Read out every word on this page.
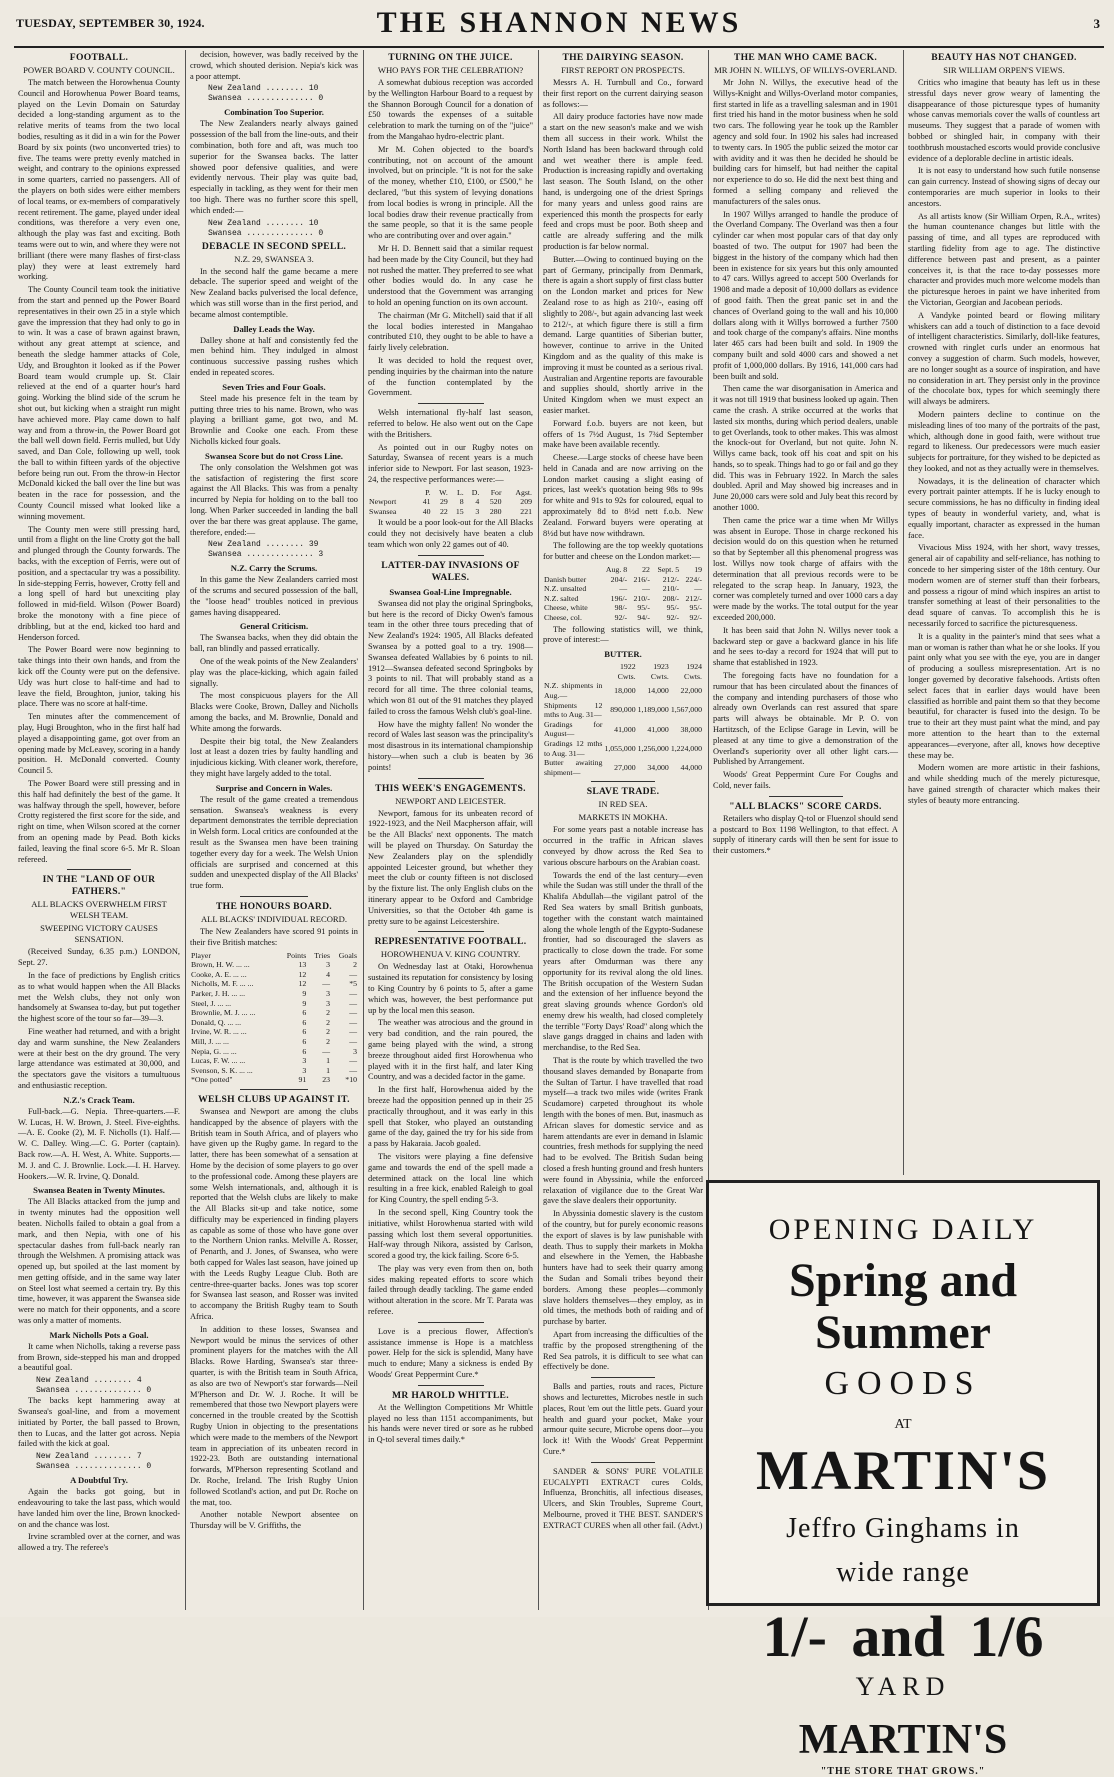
TUESDAY, SEPTEMBER 30, 1924.	THE SHANNON NEWS	3
FOOTBALL.
POWER BOARD V. COUNTY COUNCIL.

The match between the Horowhenua County Council and Horowhenua Power Board teams, played on the Levin Domain on Saturday decided a long-standing argument as to the relative merits of teams from the two local bodies, resulting as it did in a win for the Power Board by six points (two unconverted tries) to five. The teams were pretty evenly matched in weight, and contrary to the opinions expressed in some quarters, carried no passengers. All of the players on both sides were either members of local teams, or ex-members of comparatively recent retirement. The game, played under ideal conditions, was therefore a very even one, although the play was fast and exciting. Both teams were out to win, and where they were not brilliant (there were many flashes of first-class play) they were at least extremely hard working.

The County Council team took the initiative from the start and penned up the Power Board representatives in their own 25 in a style which gave the impression that they had only to go in to win. It was a case of brawn against brawn, without any great attempt at science, and beneath the sledge hammer attacks of Cole, Udy, and Broughton it looked as if the Power Board team would crumple up. St. Clair relieved at the end of a quarter hour's hard going. Working the blind side of the scrum he shot out, but kicking when a straight run might have achieved more. Play came down to half way and from a throw-in, the Power Board got the ball well down field. Ferris mulled, but Udy saved, and Dan Cole, following up well, took the ball to within fifteen yards of the objective before being run out. From the throw-in Hector McDonald kicked the ball over the line but was beaten in the race for possession, and the County Council missed what looked like a winning movement.

The County men were still pressing hard, until from a flight on the line Crotty got the ball and plunged through the County forwards. The backs, with the exception of Ferris, were out of position, and a spectacular try was a possibility. In side-stepping Ferris, however, Crotty fell and a long spell of hard but unexciting play followed in mid-field. Wilson (Power Board) broke the monotony with a fine piece of dribbling, but at the end, kicked too hard and Henderson forced.

The Power Board were now beginning to take things into their own hands, and from the kick off the County were put on the defensive. Udy was hurt close to half-time and had to leave the field, Broughton, junior, taking his place. There was no score at half-time.

Ten minutes after the commencement of play, Hugi Broughton, who in the first half had played a disappointing game, got over from an opening made by McLeavey, scoring in a handy position. H. McDonald converted. County Council 5.

The Power Board were still pressing and in this half had definitely the best of the game. It was halfway through the spell, however, before Crotty registered the first score for the side, and right on time, when Wilson scored at the corner from an opening made by Pead. Both kicks failed, leaving the final score 6-5. Mr R. Sloan refereed.

IN THE "LAND OF OUR FATHERS."
ALL BLACKS OVERWHELM FIRST WELSH TEAM.
SWEEPING VICTORY CAUSES SENSATION.

(Received Sunday, 6.35 p.m.) LONDON, Sept. 27.

In the face of predictions by English critics as to what would happen when the All Blacks met the Welsh clubs, they not only won handsomely at Swansea to-day, but put together the highest score of the tour so far—39—3.

Fine weather had returned, and with a bright day and warm sunshine, the New Zealanders were at their best on the dry ground. The very large attendance was estimated at 30,000, and the spectators gave the visitors a tumultuous and enthusiastic reception.

N.Z.'s Crack Team.

Full-back.—G. Nepia. Three-quarters.—F. W. Lucas, H. W. Brown, J. Steel. Five-eighths.—A. E. Cooke (2), M. F. Nicholls (1). Half.—W. C. Dalley. Wing.—C. G. Porter (captain). Back row.—A. H. West, A. White. Supports.—M. J. and C. J. Brownlie. Lock.—I. H. Harvey. Hookers.—W. R. Irvine, Q. Donald.

Swansea Beaten in Twenty Minutes.

The All Blacks attacked from the jump and in twenty minutes had the opposition well beaten. Nicholls failed to obtain a goal from a mark, and then Nepia, with one of his spectacular dashes from full-back nearly ran through the Welshmen. A promising attack was opened up, but spoiled at the last moment by men getting offside, and in the same way later on Steel lost what seemed a certain try. By this time, however, it was apparent the Swansea side were no match for their opponents, and a score was only a matter of moments.

Mark Nicholls Pots a Goal.

It came when Nicholls, taking a reverse pass from Brown, side-stepped his man and dropped a beautiful goal.

New Zealand ........ 4
Swansea .............. 0

The backs kept hammering away at Swansea's goal-line, and from a movement initiated by Porter, the ball passed to Brown, then to Lucas, and the latter got across. Nepia failed with the kick at goal.

New Zealand ........ 7
Swansea .............. 0
A Doubtful Try.

Again the backs got going, but in endeavouring to take the last pass, which would have landed him over the line, Brown knocked-on and the chance was lost.

Irvine scrambled over at the corner, and was allowed a try. The referee's

decision, however, was badly received by the crowd, which shouted derision. Nepia's kick was a poor attempt.

New Zealand ........ 10
Swansea .............. 0
Combination Too Superior.

The New Zealanders nearly always gained possession of the ball from the line-outs, and their combination, both fore and aft, was much too superior for the Swansea backs. The latter showed poor defensive qualities, and were evidently nervous. Their play was quite bad, especially in tackling, as they went for their men too high. There was no further score this spell, which ended:—

New Zealand ........ 10
Swansea .............. 0
DEBACLE IN SECOND SPELL.
N.Z. 29, SWANSEA 3.

In the second half the game became a mere debacle. The superior speed and weight of the New Zealand backs pulverised the local defence, which was still worse than in the first period, and became almost contemptible.

Dalley Leads the Way.

Dalley shone at half and consistently fed the men behind him. They indulged in almost continuous successive passing rushes which ended in repeated scores.

Seven Tries and Four Goals.

Steel made his presence felt in the team by putting three tries to his name. Brown, who was playing a brilliant game, got two, and M. Brownlie and Cooke one each. From these Nicholls kicked four goals.

Swansea Score but do not Cross Line.

The only consolation the Welshmen got was the satisfaction of registering the first score against the All Blacks. This was from a penalty incurred by Nepia for holding on to the ball too long. When Parker succeeded in landing the ball over the bar there was great applause. The game, therefore, ended:—

New Zealand ........ 39
Swansea .............. 3
N.Z. Carry the Scrums.

In this game the New Zealanders carried most of the scrums and secured possession of the ball, the "loose head" troubles noticed in previous games having disappeared.

General Criticism.

The Swansea backs, when they did obtain the ball, ran blindly and passed erratically.

One of the weak points of the New Zealanders' play was the place-kicking, which again failed signally.

The most conspicuous players for the All Blacks were Cooke, Brown, Dalley and Nicholls among the backs, and M. Brownlie, Donald and White among the forwards.

Despite their big total, the New Zealanders lost at least a dozen tries by faulty handling and injudicious kicking. With cleaner work, therefore, they might have largely added to the total.

Surprise and Concern in Wales.

The result of the game created a tremendous sensation. Swansea's weakness is every department demonstrates the terrible depreciation in Welsh form. Local critics are confounded at the result as the Swansea men have been training together every day for a week. The Welsh Union officials are surprised and concerned at this sudden and unexpected display of the All Blacks' true form.

THE HONOURS BOARD.
ALL BLACKS' INDIVIDUAL RECORD.

The New Zealanders have scored 91 points in their five British matches:

Player	Points	Tries	Goals
Brown, H. W. ... ...	13	3	2
Cooke, A. E. ... ...	12	4	—
Nicholls, M. F. ... ...	12	—	*5
Parker, J. H. ... ...	9	3	—
Steel, J. ... ...	9	3	—
Brownlie, M. J. ... ...	6	2	—
Donald, Q. ... ...	6	2	—
Irvine, W. R. ... ...	6	2	—
Mill, J. ... ...	6	2	—
Nepia, G. ... ...	6	—	3
Lucas, F. W. ... ...	3	1	—
Svenson, S. K. ... ...	3	1	—
*One potted"	91	23	*10
WELSH CLUBS UP AGAINST IT.

Swansea and Newport are among the clubs handicapped by the absence of players with the British team in South Africa, and of players who have given up the Rugby game. In regard to the latter, there has been somewhat of a sensation at Home by the decision of some players to go over to the professional code. Among these players are some Welsh internationals, and, although it is reported that the Welsh clubs are likely to make the All Blacks sit-up and take notice, some difficulty may be experienced in finding players as capable as some of those who have gone over to the Northern Union ranks. Melville A. Rosser, of Penarth, and J. Jones, of Swansea, who were both capped for Wales last season, have joined up with the Leeds Rugby League Club. Both are centre-three-quarter backs. Jones was top scorer for Swansea last season, and Rosser was invited to accompany the British Rugby team to South Africa.

In addition to these losses, Swansea and Newport would be minus the services of other prominent players for the matches with the All Blacks. Rowe Harding, Swansea's star three-quarter, is with the British team in South Africa, as also are two of Newport's star forwards—Neil M'Pherson and Dr. W. J. Roche. It will be remembered that those two Newport players were concerned in the trouble created by the Scottish Rugby Union in objecting to the presentations which were made to the members of the Newport team in appreciation of its unbeaten record in 1922-23. Both are outstanding international forwards, M'Pherson representing Scotland and Dr. Roche, Ireland. The Irish Rugby Union followed Scotland's action, and put Dr. Roche on the mat, too.

Another notable Newport absentee on Thursday will be V. Griffiths, the

TURNING ON THE JUICE.
WHO PAYS FOR THE CELEBRATION?

A somewhat dubious reception was accorded by the Wellington Harbour Board to a request by the Shannon Borough Council for a donation of £50 towards the expenses of a suitable celebration to mark the turning on of the "juice" from the Mangahao hydro-electric plant.

Mr M. Cohen objected to the board's contributing, not on account of the amount involved, but on principle. "It is not for the sake of the money, whether £10, £100, or £500," he declared, "but this system of levying donations from local bodies is wrong in principle. All the local bodies draw their revenue practically from the same people, so that it is the same people who are contributing over and over again."

Mr H. D. Bennett said that a similar request had been made by the City Council, but they had not rushed the matter. They preferred to see what other bodies would do. In any case he understood that the Government was arranging to hold an opening function on its own account.

The chairman (Mr G. Mitchell) said that if all the local bodies interested in Mangahao contributed £10, they ought to be able to have a fairly lively celebration.

It was decided to hold the request over, pending inquiries by the chairman into the nature of the function contemplated by the Government.

Welsh international fly-half last season, referred to below. He also went out on the Cape with the Britishers.

As pointed out in our Rugby notes on Saturday, Swansea of recent years is a much inferior side to Newport. For last season, 1923-24, the respective performances were:—

	P.	W.	L.	D.	For	Agst.
Newport	41	29	8	4	520	209
Swansea	40	22	15	3	280	221

It would be a poor look-out for the All Blacks could they not decisively have beaten a club team which won only 22 games out of 40.

LATTER-DAY INVASIONS OF WALES.
Swansea Goal-Line Impregnable.

Swansea did not play the original Springboks, but here is the record of Dicky Owen's famous team in the other three tours preceding that of New Zealand's 1924: 1905, All Blacks defeated Swansea by a potted goal to a try. 1908—Swansea defeated Wallabies by 6 points to nil. 1912—Swansea defeated second Springboks by 3 points to nil. That will probably stand as a record for all time. The three colonial teams, which won 81 out of the 91 matches they played failed to cross the famous Welsh club's goal-line.

How have the mighty fallen! No wonder the record of Wales last season was the principality's most disastrous in its international championship history—when such a club is beaten by 36 points!

THIS WEEK'S ENGAGEMENTS.
NEWPORT AND LEICESTER.

Newport, famous for its unbeaten record of 1922-1923, and the Neil Macpherson affair, will be the All Blacks' next opponents. The match will be played on Thursday. On Saturday the New Zealanders play on the splendidly appointed Leicester ground, but whether they meet the club or county fifteen is not disclosed by the fixture list. The only English clubs on the itinerary appear to be Oxford and Cambridge Universities, so that the October 4th game is pretty sure to be against Leicestershire.

REPRESENTATIVE FOOTBALL.
HOROWHENUA V. KING COUNTRY.

On Wednesday last at Otaki, Horowhenua sustained its reputation for consistency by losing to King Country by 6 points to 5, after a game which was, however, the best performance put up by the local men this season.

The weather was atrocious and the ground in very bad condition, and the rain poured, the game being played with the wind, a strong breeze throughout aided first Horowhenua who played with it in the first half, and later King Country, and was a decided factor in the game.

In the first half, Horowhenua aided by the breeze had the opposition penned up in their 25 practically throughout, and it was early in this spell that Stoker, who played an outstanding game of the day, gained the try for his side from a pass by Hakaraia. Jacob goaled.

The visitors were playing a fine defensive game and towards the end of the spell made a determined attack on the local line which resulting in a free kick, enabled Raleigh to goal for King Country, the spell ending 5-3.

In the second spell, King Country took the initiative, whilst Horowhenua started with wild passing which lost them several opportunities. Half-way through Nikora, assisted by Carlson, scored a good try, the kick failing. Score 6-5.

The play was very even from then on, both sides making repeated efforts to score which failed through deadly tackling. The game ended without alteration in the score. Mr T. Parata was referee.

Love is a precious flower, Affection's assistance immense is Hope is a matchless power. Help for the sick is splendid, Many have much to endure; Many a sickness is ended By Woods' Great Peppermint Cure.*

MR HAROLD WHITTLE.

At the Wellington Competitions Mr Whittle played no less than 1151 accompaniments, but his hands were never tired or sore as he rubbed in Q-tol several times daily.*

THE DAIRYING SEASON.
FIRST REPORT ON PROSPECTS.

Messrs A. H. Turnbull and Co., forward their first report on the current dairying season as follows:—

All dairy produce factories have now made a start on the new season's make and we wish them all success in their work. Whilst the North Island has been backward through cold and wet weather there is ample feed. Production is increasing rapidly and overtaking last season. The South Island, on the other hand, is undergoing one of the driest Springs for many years and unless good rains are experienced this month the prospects for early feed and crops must be poor. Both sheep and cattle are already suffering and the milk production is far below normal.

Butter.—Owing to continued buying on the part of Germany, principally from Denmark, there is again a short supply of first class butter on the London market and prices for New Zealand rose to as high as 210/-, easing off slightly to 208/-, but again advancing last week to 212/-, at which figure there is still a firm demand. Large quantities of Siberian butter, however, continue to arrive in the United Kingdom and as the quality of this make is improving it must be counted as a serious rival. Australian and Argentine reports are favourable and supplies should, shortly arrive in the United Kingdom when we must expect an easier market.

Forward f.o.b. buyers are not keen, but offers of 1s 7½d August, 1s 7¾d September make have been available recently.

Cheese.—Large stocks of cheese have been held in Canada and are now arriving on the London market causing a slight easing of prices, last week's quotation being 98s to 99s for white and 91s to 92s for coloured, equal to approximately 8d to 8½d nett f.o.b. New Zealand. Forward buyers were operating at 8½d but have now withdrawn.

The following are the top weekly quotations for butter and cheese on the London market:—

	Aug. 8	22	Sept. 5	19
Danish butter	204/-	216/-	212/-	224/-
N.Z. unsalted	—	—	210/-	—
N.Z. salted	196/-	210/-	208/-	212/-
Cheese, white	98/-	95/-	95/-	95/-
Cheese, col.	92/-	94/-	92/-	92/-

The following statistics will, we think, prove of interest:—

BUTTER.
	1922	1923	1924
	Cwts.	Cwts.	Cwts.
N.Z. shipments in Aug.—	18,000	14,000	22,000
Shipments 12 mths to Aug. 31—	890,000	1,189,000	1,567,000
Gradings for August—	41,000	41,000	38,000
Gradings 12 mths to Aug. 31—	1,055,000	1,256,000	1,224,000
Butter awaiting shipment—	27,000	34,000	44,000
SLAVE TRADE.
IN RED SEA.
MARKETS IN MOKHA.

For some years past a notable increase has occurred in the traffic in African slaves conveyed by dhow across the Red Sea to various obscure harbours on the Arabian coast.

Towards the end of the last century—even while the Sudan was still under the thrall of the Khalifa Abdullah—the vigilant patrol of the Red Sea waters by small British gunboats, together with the constant watch maintained along the whole length of the Egypto-Sudanese frontier, had so discouraged the slavers as practically to close down the trade. For some years after Omdurman was there any opportunity for its revival along the old lines. The British occupation of the Western Sudan and the extension of her influence beyond the great slaving grounds whence Gordon's old enemy drew his wealth, had closed completely the terrible "Forty Days' Road" along which the slave gangs dragged in chains and laden with merchandise, to the Red Sea.

That is the route by which travelled the two thousand slaves demanded by Bonaparte from the Sultan of Tartur. I have travelled that road myself—a track two miles wide (writes Frank Scudamore) carpeted throughout its whole length with the bones of men. But, inasmuch as African slaves for domestic service and as harem attendants are ever in demand in Islamic countries, fresh methods for supplying the need had to be evolved. The British Sudan being closed a fresh hunting ground and fresh hunters were found in Abyssinia, while the enforced relaxation of vigilance due to the Great War gave the slave dealers their opportunity.

In Abyssinia domestic slavery is the custom of the country, but for purely economic reasons the export of slaves is by law punishable with death. Thus to supply their markets in Mokha and elsewhere in the Yemen, the Habbashe hunters have had to seek their quarry among the Sudan and Somali tribes beyond their borders. Among these peoples—commonly slave holders themselves—they employ, as in old times, the methods both of raiding and of purchase by barter.

Apart from increasing the difficulties of the traffic by the proposed strengthening of the Red Sea patrols, it is difficult to see what can effectively be done.

Balls and parties, routs and races, Picture shows and lecturettes, Microbes nestle in such places, Rout 'em out the little pets. Guard your health and guard your pocket, Make your armour quite secure, Microbe opens door—you lock it! With the Woods' Great Peppermint Cure.*

SANDER & SONS' PURE VOLATILE EUCALYPTI EXTRACT cures Colds, Influenza, Bronchitis, all infectious diseases, Ulcers, and Skin Troubles, Supreme Court, Melbourne, proved it THE BEST. SANDER'S EXTRACT CURES when all other fail. (Advt.)

THE MAN WHO CAME BACK.
MR JOHN N. WILLYS, OF WILLYS-OVERLAND.

Mr John N. Willys, the executive head of the Willys-Knight and Willys-Overland motor companies, first started in life as a travelling salesman and in 1901 first tried his hand in the motor business when he sold two cars. The following year he took up the Rambler agency and sold four. In 1902 his sales had increased to twenty cars. In 1905 the public seized the motor car with avidity and it was then he decided he should be building cars for himself, but had neither the capital nor experience to do so. He did the next best thing and formed a selling company and relieved the manufacturers of the sales onus.

In 1907 Willys arranged to handle the produce of the Overland Company. The Overland was then a four cylinder car when most popular cars of that day only boasted of two. The output for 1907 had been the biggest in the history of the company which had then been in existence for six years but this only amounted to 47 cars. Willys agreed to accept 500 Overlands for 1908 and made a deposit of 10,000 dollars as evidence of good faith. Then the great panic set in and the chances of Overland going to the wall and his 10,000 dollars along with it Willys borrowed a further 7500 and took charge of the company's affairs. Nine months later 465 cars had been built and sold. In 1909 the company built and sold 4000 cars and showed a net profit of 1,000,000 dollars. By 1916, 141,000 cars had been built and sold.

Then came the war disorganisation in America and it was not till 1919 that business looked up again. Then came the crash. A strike occurred at the works that lasted six months, during which period dealers, unable to get Overlands, took to other makes. This was almost the knock-out for Overland, but not quite. John N. Willys came back, took off his coat and spit on his hands, so to speak. Things had to go or fail and go they did. This was in February 1922. In March the sales doubled. April and May showed big increases and in June 20,000 cars were sold and July beat this record by another 1000.

Then came the price war a time when Mr Willys was absent in Europe. Those in charge reckoned his decision would do on this question when he returned so that by September all this phenomenal progress was lost. Willys now took charge of affairs with the determination that all previous records were to be relegated to the scrap heap. In January, 1923, the corner was completely turned and over 1000 cars a day were made by the works. The total output for the year exceeded 200,000.

It has been said that John N. Willys never took a backward step or gave a backward glance in his life and he sees to-day a record for 1924 that will put to shame that established in 1923.

The foregoing facts have no foundation for a rumour that has been circulated about the finances of the company and intending purchasers of those who already own Overlands can rest assured that spare parts will always be obtainable. Mr P. O. von Hartitzsch, of the Eclipse Garage in Levin, will be pleased at any time to give a demonstration of the Overland's superiority over all other light cars.—Published by Arrangement.

Woods' Great Peppermint Cure For Coughs and Cold, never fails.

"ALL BLACKS" SCORE CARDS.

Retailers who display Q-tol or Fluenzol should send a postcard to Box 1198 Wellington, to that effect. A supply of itinerary cards will then be sent for issue to their customers.*

BEAUTY HAS NOT CHANGED.
SIR WILLIAM ORPEN'S VIEWS.

Critics who imagine that beauty has left us in these stressful days never grow weary of lamenting the disappearance of those picturesque types of humanity whose canvas memorials cover the walls of countless art museums. They suggest that a parade of women with bobbed or shingled hair, in company with their toothbrush moustached escorts would provide conclusive evidence of a deplorable decline in artistic ideals.

It is not easy to understand how such futile nonsense can gain currency. Instead of showing signs of decay our contemporaries are much superior in looks to their ancestors.

As all artists know (Sir William Orpen, R.A., writes) the human countenance changes but little with the passing of time, and all types are reproduced with startling fidelity from age to age. The distinctive difference between past and present, as a painter conceives it, is that the race to-day possesses more character and provides much more welcome models than the picturesque heroes in paint we have inherited from the Victorian, Georgian and Jacobean periods.

A Vandyke pointed beard or flowing military whiskers can add a touch of distinction to a face devoid of intelligent characteristics. Similarly, doll-like features, crowned with ringlet curls under an enormous hat convey a suggestion of charm. Such models, however, are no longer sought as a source of inspiration, and have no consideration in art. They persist only in the province of the chocolate box, types for which seemingly there will always be admirers.

Modern painters decline to continue on the misleading lines of too many of the portraits of the past, which, although done in good faith, were without true regard to likeness. Our predecessors were much easier subjects for portraiture, for they wished to be depicted as they looked, and not as they actually were in themselves.

Nowadays, it is the delineation of character which every portrait painter attempts. If he is lucky enough to secure commissions, he has no difficulty in finding ideal types of beauty in wonderful variety, and, what is equally important, character as expressed in the human face.

Vivacious Miss 1924, with her short, wavy tresses, general air of capability and self-reliance, has nothing to concede to her simpering sister of the 18th century. Our modern women are of sterner stuff than their forbears, and possess a rigour of mind which inspires an artist to transfer something at least of their personalities to the dead square of canvas. To accomplish this he is necessarily forced to sacrifice the picturesqueness.

It is a quality in the painter's mind that sees what a man or woman is rather than what he or she looks. If you paint only what you see with the eye, you are in danger of producing a soulless misrepresentation. Art is no longer governed by decorative falsehoods. Artists often select faces that in earlier days would have been classified as horrible and paint them so that they become beautiful, for character is fused into the design. To be true to their art they must paint what the mind, and pay more attention to the heart than to the external appearances—everyone, after all, knows how deceptive these may be.

Modern women are more artistic in their fashions, and while shedding much of the merely picturesque, have gained strength of character which makes their styles of beauty more entrancing.

OPENING DAILY
Spring and Summer
GOODS
AT
MARTIN'S
Jeffro Ginghams in
wide range
1/- and 1/6
YARD
MARTIN'S
"THE STORE THAT GROWS."
